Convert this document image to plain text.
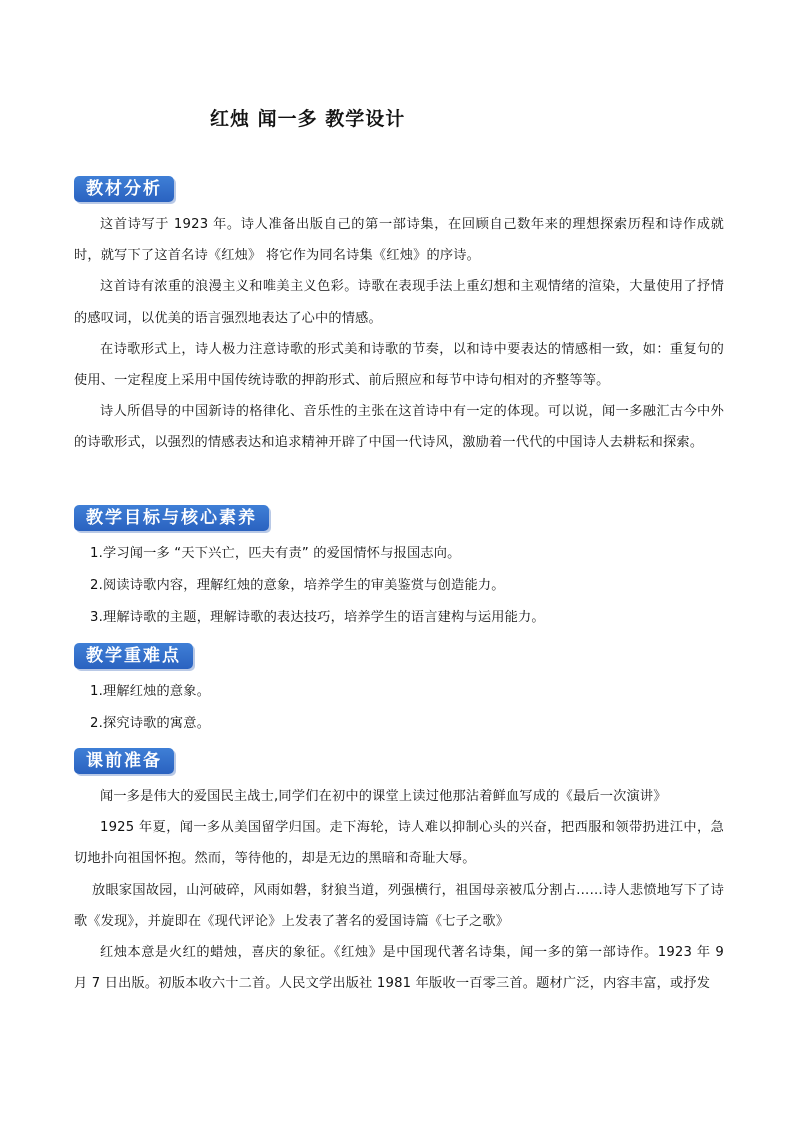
红烛 闻一多 教学设计
教材分析

这首诗写于 1923 年。诗人准备出版自己的第一部诗集，在回顾自己数年来的理想探索历程和诗作成就时，就写下了这首名诗《红烛》 将它作为同名诗集《红烛》的序诗。

这首诗有浓重的浪漫主义和唯美主义色彩。诗歌在表现手法上重幻想和主观情绪的渲染，大量使用了抒情的感叹词，以优美的语言强烈地表达了心中的情感。

在诗歌形式上，诗人极力注意诗歌的形式美和诗歌的节奏，以和诗中要表达的情感相一致，如：重复句的使用、一定程度上采用中国传统诗歌的押韵形式、前后照应和每节中诗句相对的齐整等等。

诗人所倡导的中国新诗的格律化、音乐性的主张在这首诗中有一定的体现。可以说，闻一多融汇古今中外的诗歌形式，以强烈的情感表达和追求精神开辟了中国一代诗风，激励着一代代的中国诗人去耕耘和探索。

教学目标与核心素养

1.学习闻一多 “天下兴亡，匹夫有责” 的爱国情怀与报国志向。

2.阅读诗歌内容，理解红烛的意象，培养学生的审美鉴赏与创造能力。

3.理解诗歌的主题，理解诗歌的表达技巧，培养学生的语言建构与运用能力。

教学重难点

1.理解红烛的意象。

2.探究诗歌的寓意。

课前准备

闻一多是伟大的爱国民主战士,同学们在初中的课堂上读过他那沾着鲜血写成的《最后一次演讲》

1925 年夏，闻一多从美国留学归国。走下海轮，诗人难以抑制心头的兴奋，把西服和领带扔进江中，急切地扑向祖国怀抱。然而，等待他的，却是无边的黑暗和奇耻大辱。

放眼家国故园，山河破碎，风雨如磐，豺狼当道，列强横行，祖国母亲被瓜分割占……诗人悲愤地写下了诗歌《发现》，并旋即在《现代评论》上发表了著名的爱国诗篇《七子之歌》

红烛本意是火红的蜡烛，喜庆的象征。《红烛》是中国现代著名诗集，闻一多的第一部诗作。1923 年 9 月 7 日出版。初版本收六十二首。人民文学出版社 1981 年版收一百零三首。题材广泛，内容丰富，或抒发
